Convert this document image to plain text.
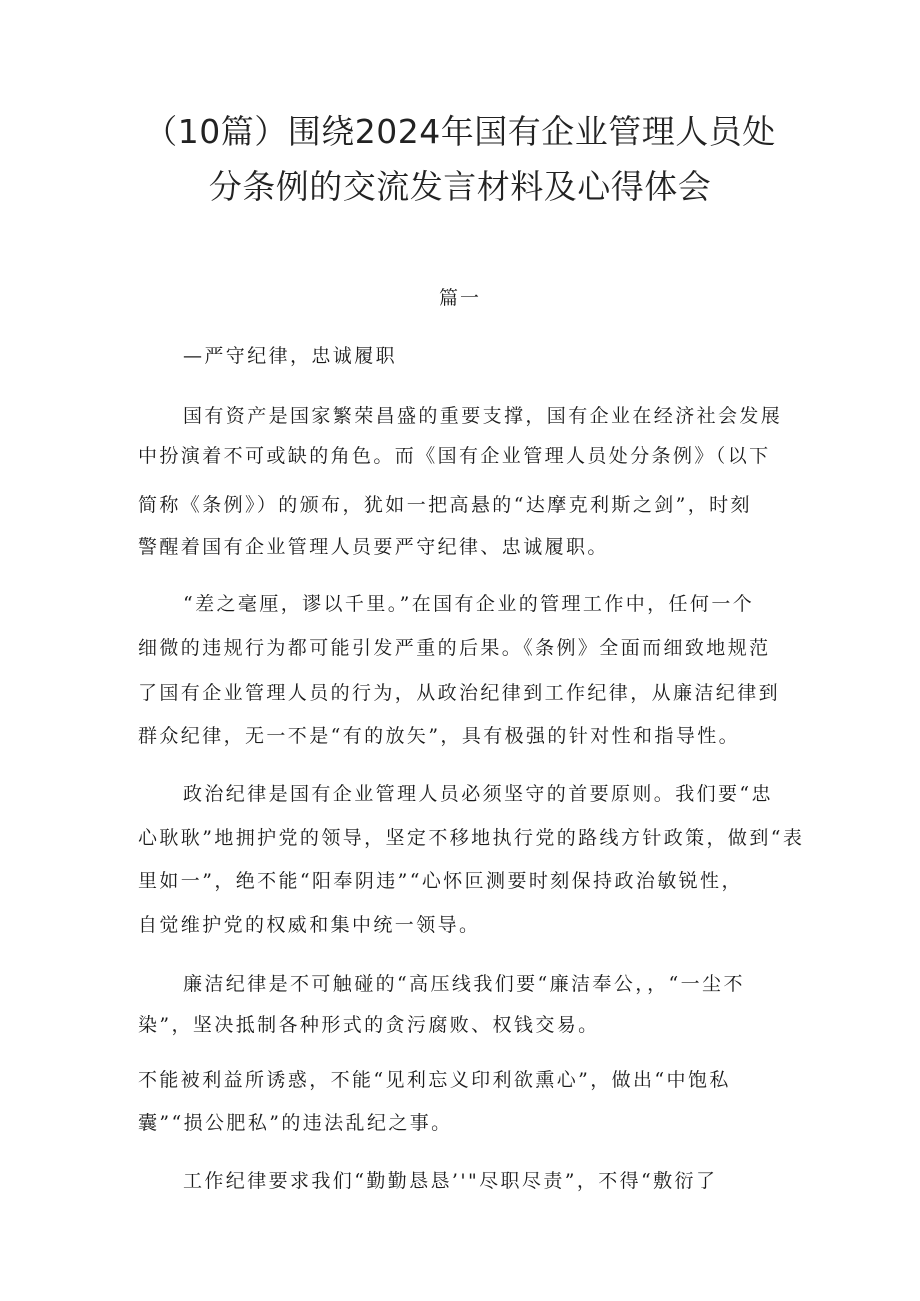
（10篇）围绕2024年国有企业管理人员处
分条例的交流发言材料及心得体会
篇一
—严守纪律，忠诚履职
国有资产是国家繁荣昌盛的重要支撑，国有企业在经济社会发展
中扮演着不可或缺的角色。而《国有企业管理人员处分条例》（以下
简称《条例》）的颁布，犹如一把高悬的“达摩克利斯之剑”，时刻
警醒着国有企业管理人员要严守纪律、忠诚履职。
“差之毫厘，谬以千里。”在国有企业的管理工作中，任何一个
细微的违规行为都可能引发严重的后果。《条例》全面而细致地规范
了国有企业管理人员的行为，从政治纪律到工作纪律，从廉洁纪律到
群众纪律，无一不是“有的放矢”，具有极强的针对性和指导性。
政治纪律是国有企业管理人员必须坚守的首要原则。我们要“忠
心耿耿”地拥护党的领导，坚定不移地执行党的路线方针政策，做到“表
里如一”，绝不能“阳奉阴违”“心怀叵测要时刻保持政治敏锐性，
自觉维护党的权威和集中统一领导。
廉洁纪律是不可触碰的“高压线我们要“廉洁奉公，，“一尘不
染”，坚决抵制各种形式的贪污腐败、权钱交易。
不能被利益所诱惑，不能“见利忘义印利欲熏心”，做出“中饱私
囊”“损公肥私”的违法乱纪之事。
工作纪律要求我们“勤勤恳恳’'"尽职尽责”，不得“敷衍了
